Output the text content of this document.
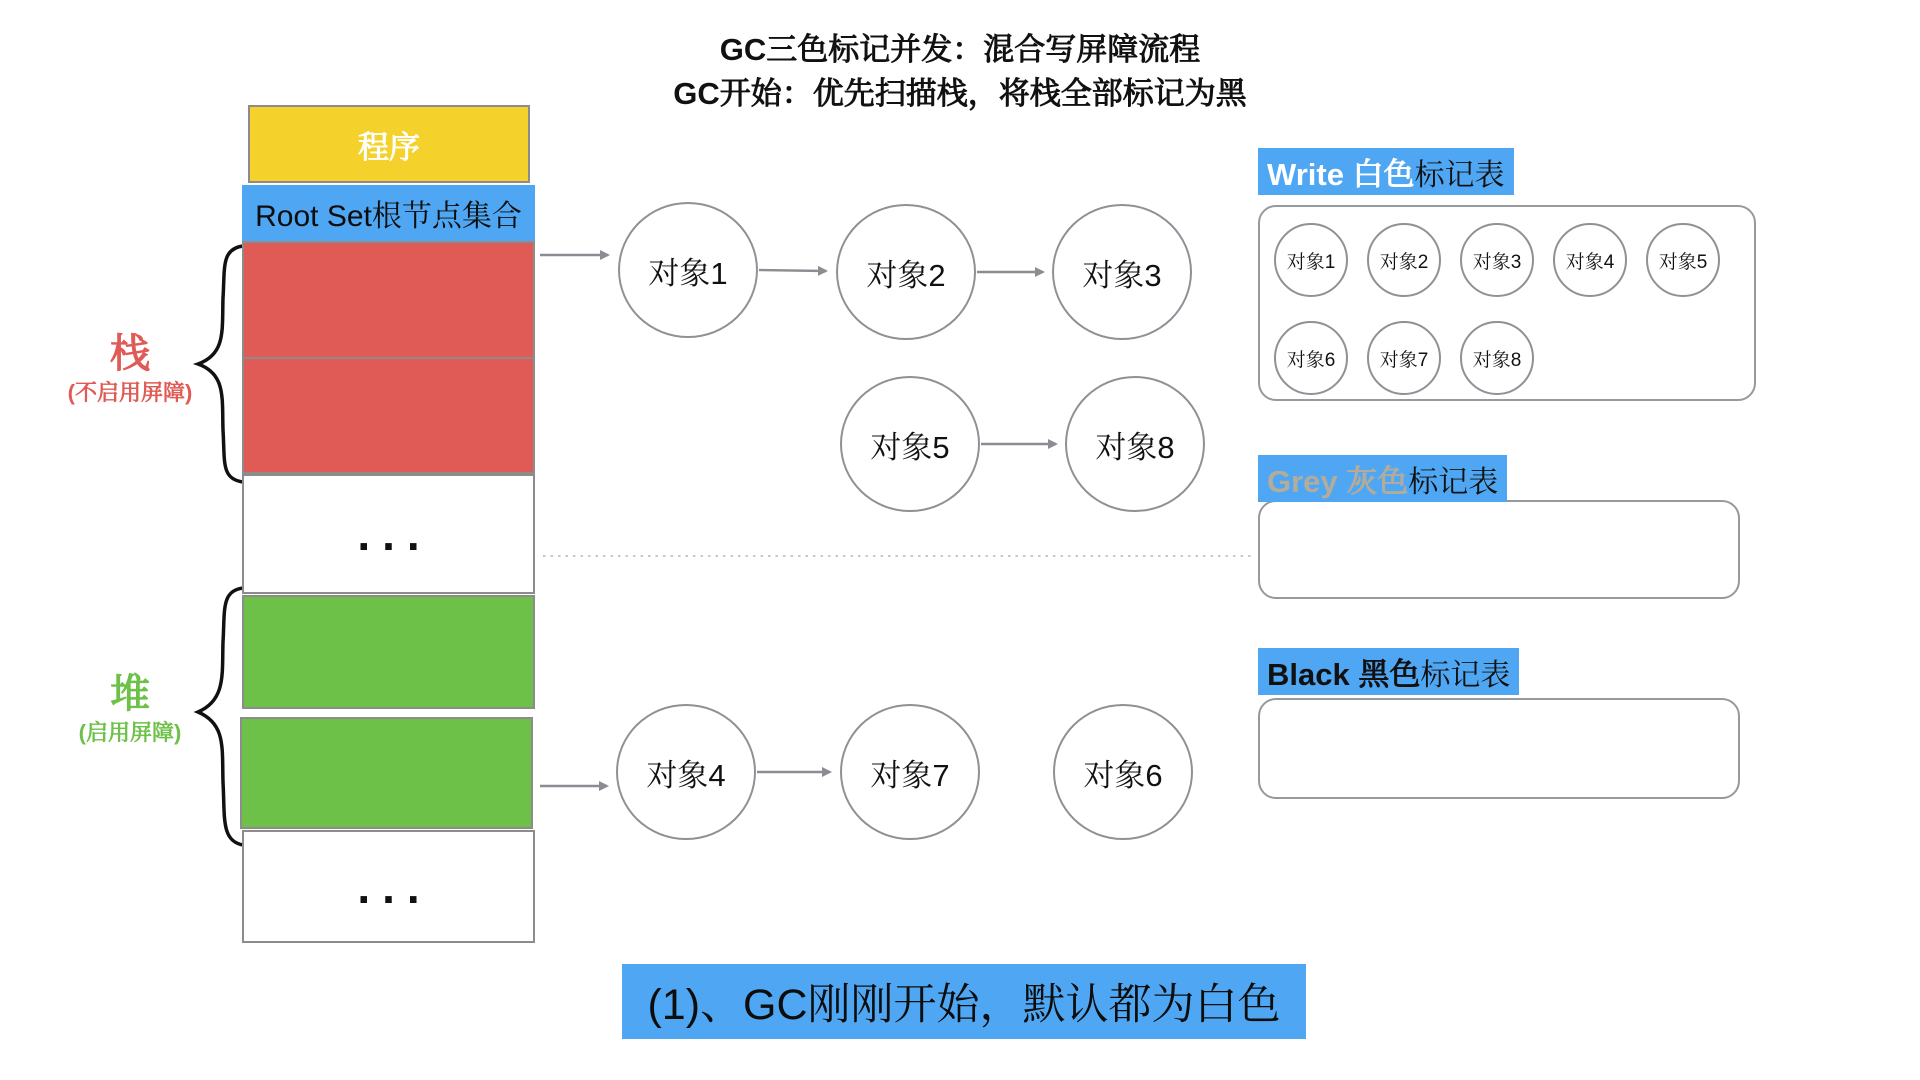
GC三色标记并发：混合写屏障流程
GC开始：优先扫描栈，将栈全部标记为黑
程序
Root Set根节点集合
...
...
栈
(不启用屏障)
堆
(启用屏障)
对象1	对象2	对象3
对象5	对象8
对象4	对象7	对象6
Write 白色 标记表
对象1	对象2	对象3	对象4	对象5
对象6	对象7	对象8
Grey 灰色 标记表
Black 黑色 标记表
(1)、GC刚刚开始，默认都为白色
